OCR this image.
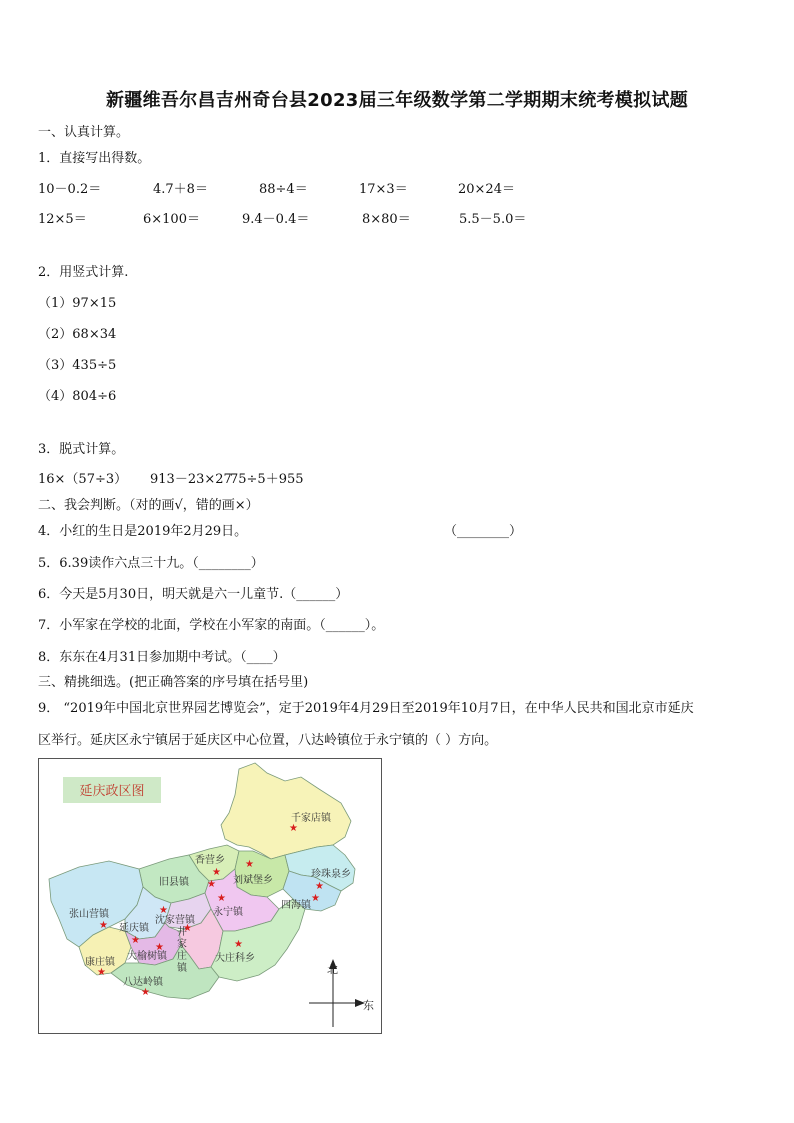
新疆维吾尔昌吉州奇台县2023届三年级数学第二学期期末统考模拟试题
一、认真计算。
1．直接写出得数。
10－0.2＝	4.7＋8＝	88÷4＝	17×3＝	20×24＝
12×5＝	6×100＝	9.4－0.4＝	8×80＝	5.5－5.0＝
2．用竖式计算.
（1）97×15
（2）68×34
（3）435÷5
（4）804÷6
3．脱式计算。
16×（57÷3） 913－23×27
75÷5＋955
二、我会判断。（对的画√，错的画×）
4．小红的生日是2019年2月29日。	（________）
5．6.39读作六点三十九。（________）
6．今天是5月30日，明天就是六一儿童节.（______）
7．小军家在学校的北面，学校在小军家的南面。（______）。
8．东东在4月31日参加期中考试。（____）
三、精挑细选。(把正确答案的序号填在括号里)
9． “2019年中国北京世界园艺博览会”，定于2019年4月29日至2019年10月7日，在中华人民共和国北京市延庆
区举行。延庆区永宁镇居于延庆区中心位置，八达岭镇位于永宁镇的（ ）方向。
延庆政区图
千家店镇
★
香营乡
★
刘斌堡乡
★
珍珠泉乡
★
旧县镇 ★
四海镇
★
张山营镇
★	沈家营镇
★	永宁镇
★
延庆镇
★
井
家
庄
镇
★
大庄科乡
★
康庄镇
★
大榆树镇
★
八达岭镇
★
北
东
